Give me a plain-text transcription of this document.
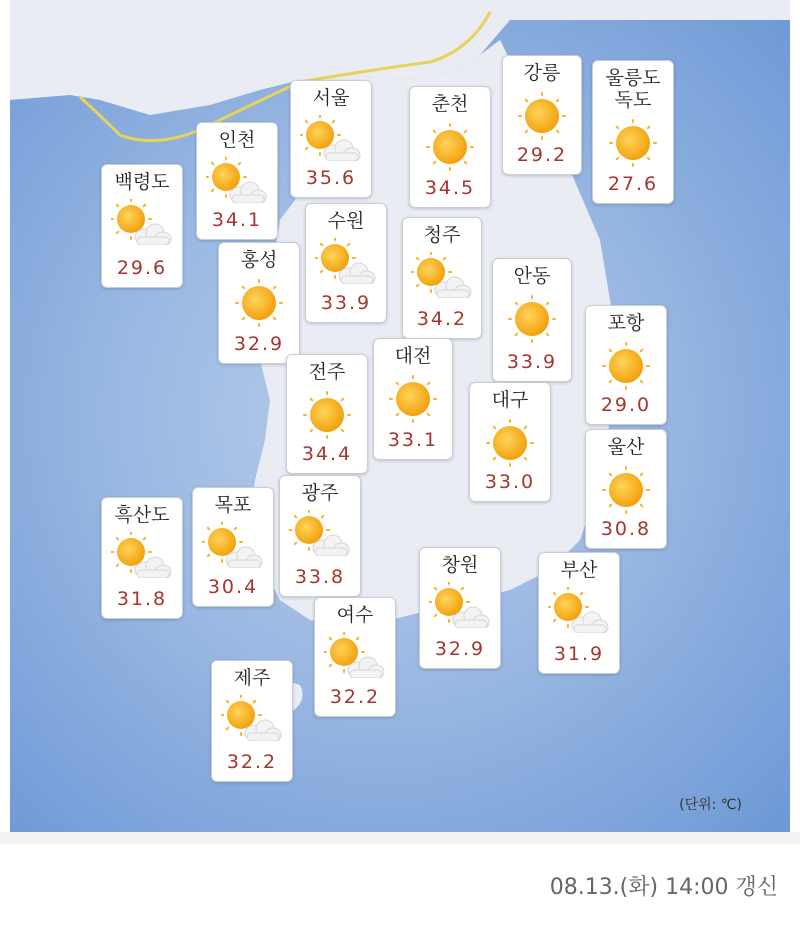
서울
35.6
춘천
34.5
강릉
29.2
울릉도
독도
27.6
인천
34.1
백령도
29.6
수원
33.9
청주
34.2
홍성
32.9
안동
33.9
포항
29.0
대전
33.1
전주
34.4
대구
33.0
울산
30.8
흑산도
31.8
목포
30.4
광주
33.8
창원
32.9
부산
31.9
여수
32.2
제주
32.2
(단위: ℃)
08.13.(화) 14:00 갱신
